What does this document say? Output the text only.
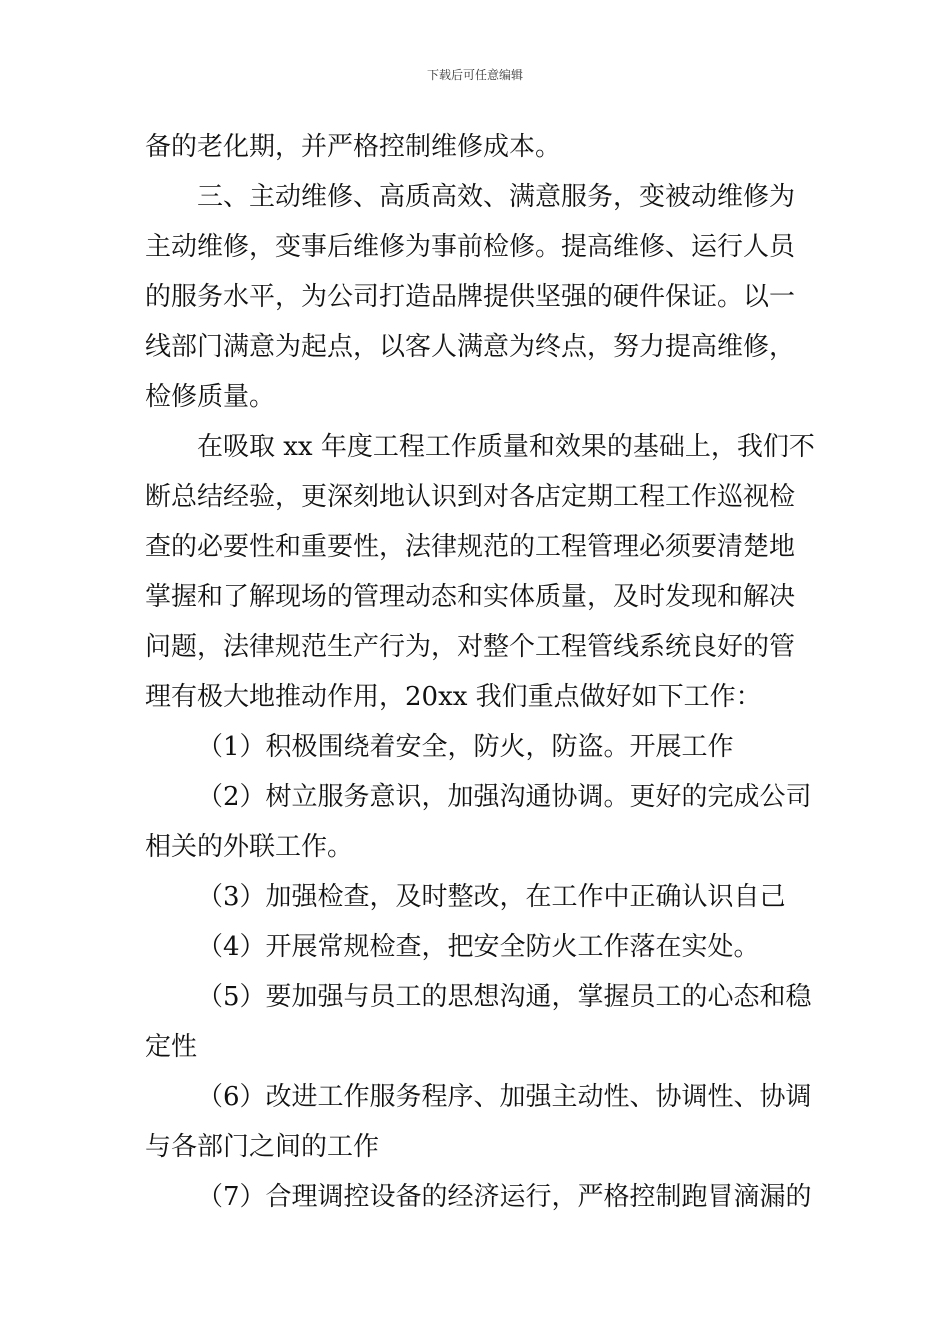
下载后可任意编辑
备的老化期，并严格控制维修成本。
三、主动维修、高质高效、满意服务，变被动维修为
主动维修，变事后维修为事前检修。提高维修、运行人员
的服务水平，为公司打造品牌提供坚强的硬件保证。以一
线部门满意为起点，以客人满意为终点，努力提高维修，
检修质量。
在吸取 xx 年度工程工作质量和效果的基础上，我们不
断总结经验，更深刻地认识到对各店定期工程工作巡视检
查的必要性和重要性，法律规范的工程管理必须要清楚地
掌握和了解现场的管理动态和实体质量，及时发现和解决
问题，法律规范生产行为，对整个工程管线系统良好的管
理有极大地推动作用，20xx 我们重点做好如下工作：
（1）积极围绕着安全，防火，防盗。开展工作
（2）树立服务意识，加强沟通协调。更好的完成公司
相关的外联工作。
（3）加强检查，及时整改，在工作中正确认识自己
（4）开展常规检查，把安全防火工作落在实处。
（5）要加强与员工的思想沟通，掌握员工的心态和稳
定性
（6）改进工作服务程序、加强主动性、协调性、协调
与各部门之间的工作
（7）合理调控设备的经济运行，严格控制跑冒滴漏的
